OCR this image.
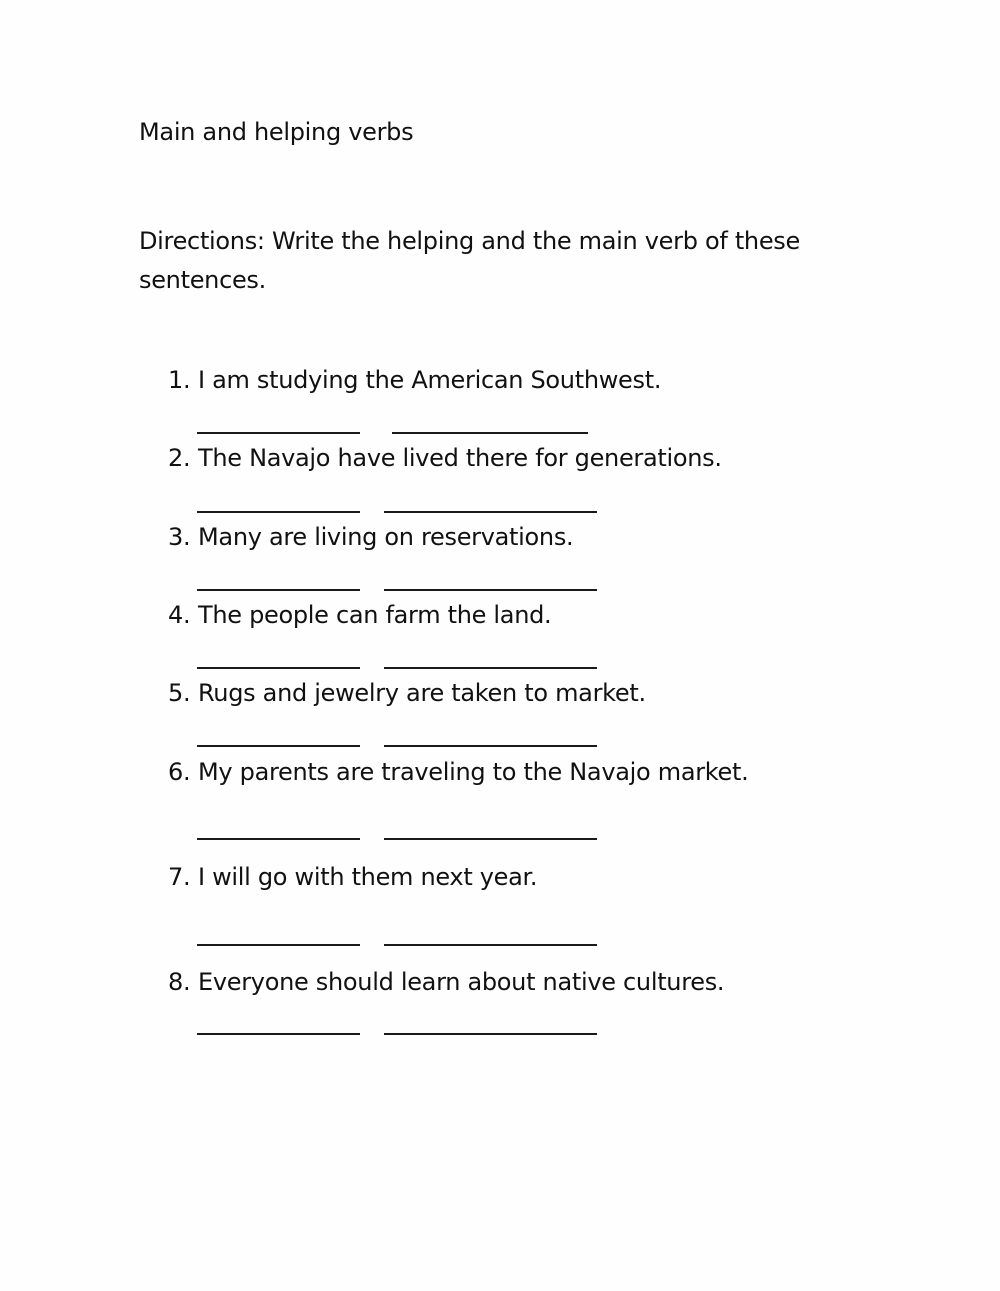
Main and helping verbs
Directions: Write the helping and the main verb of these sentences.
1. I am studying the American Southwest.
2. The Navajo have lived there for generations.
3. Many are living on reservations.
4. The people can farm the land.
5. Rugs and jewelry are taken to market.
6. My parents are traveling to the Navajo market.
7. I will go with them next year.
8. Everyone should learn about native cultures.
